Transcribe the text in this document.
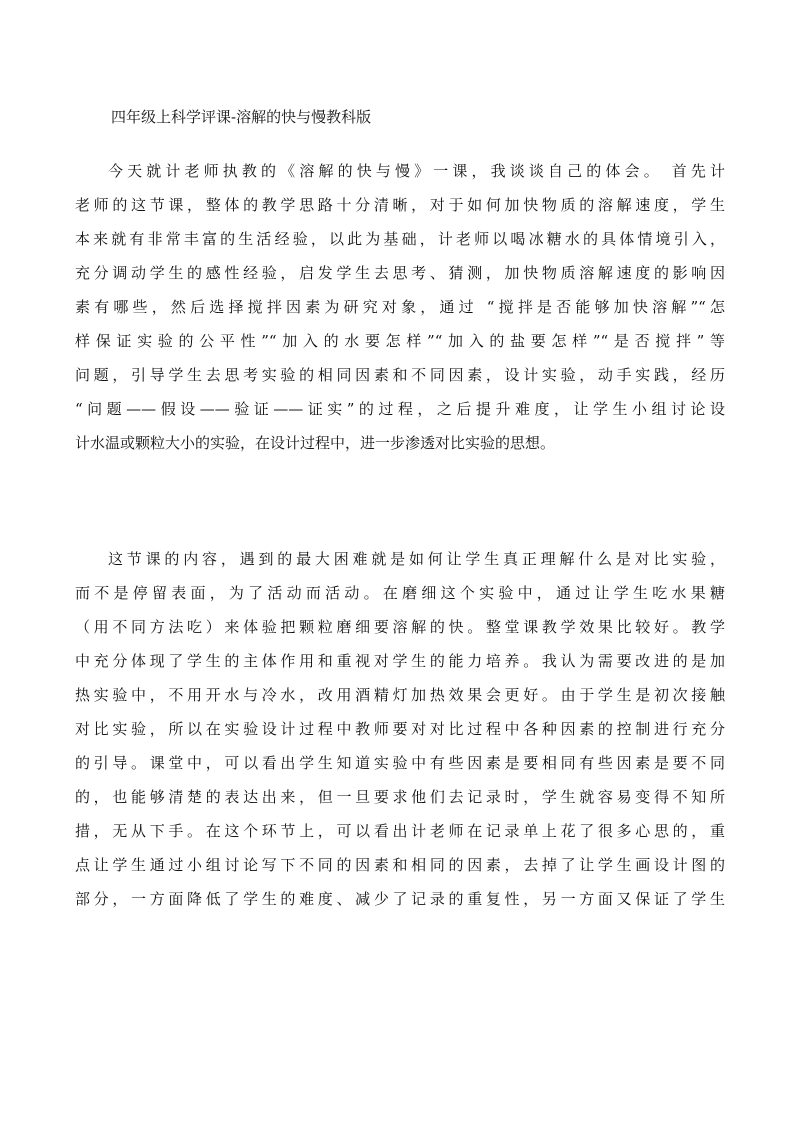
四年级上科学评课-溶解的快与慢教科版
今天就计老师执教的《溶解的快与慢》一课，我谈谈自己的体会。 首先计
老师的这节课，整体的教学思路十分清晰，对于如何加快物质的溶解速度，学生
本来就有非常丰富的生活经验，以此为基础，计老师以喝冰糖水的具体情境引入，
充分调动学生的感性经验，启发学生去思考、猜测，加快物质溶解速度的影响因
素有哪些，然后选择搅拌因素为研究对象，通过 “搅拌是否能够加快溶解”“怎
样保证实验的公平性”“加入的水要怎样”“加入的盐要怎样”“是否搅拌”等
问题，引导学生去思考实验的相同因素和不同因素，设计实验，动手实践，经历
“问题——假设——验证——证实”的过程，之后提升难度，让学生小组讨论设
计水温或颗粒大小的实验，在设计过程中，进一步渗透对比实验的思想。
这节课的内容，遇到的最大困难就是如何让学生真正理解什么是对比实验，
而不是停留表面，为了活动而活动。在磨细这个实验中，通过让学生吃水果糖
（用不同方法吃）来体验把颗粒磨细要溶解的快。整堂课教学效果比较好。教学
中充分体现了学生的主体作用和重视对学生的能力培养。我认为需要改进的是加
热实验中，不用开水与冷水，改用酒精灯加热效果会更好。由于学生是初次接触
对比实验，所以在实验设计过程中教师要对对比过程中各种因素的控制进行充分
的引导。课堂中，可以看出学生知道实验中有些因素是要相同有些因素是要不同
的，也能够清楚的表达出来，但一旦要求他们去记录时，学生就容易变得不知所
措，无从下手。在这个环节上，可以看出计老师在记录单上花了很多心思的，重
点让学生通过小组讨论写下不同的因素和相同的因素，去掉了让学生画设计图的
部分，一方面降低了学生的难度、减少了记录的重复性，另一方面又保证了学生
